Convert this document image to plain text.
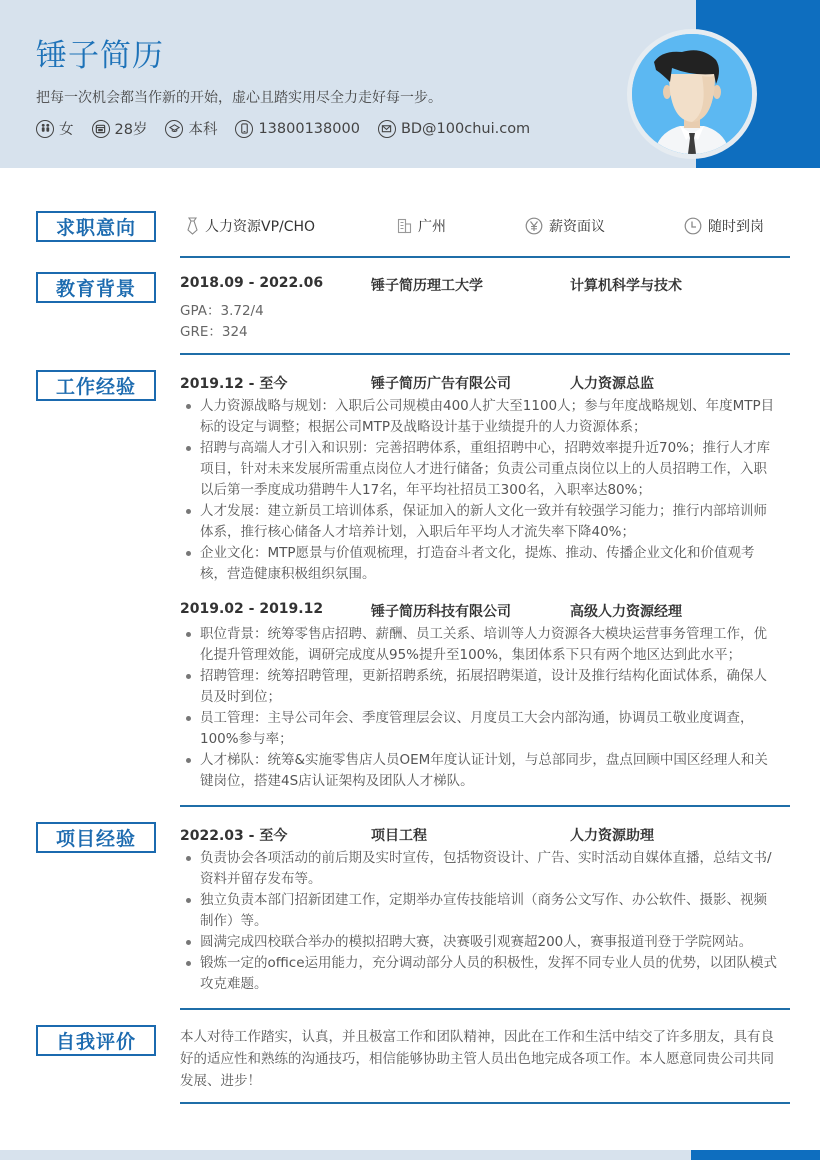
锤子简历
把每一次机会都当作新的开始，虚心且踏实用尽全力走好每一步。
女	28岁	本科	13800138000	BD@100chui.com
求职意向	人力资源VP/CHO	广州	薪资面议	随时到岗
教育背景	2018.09 - 2022.06	锤子简历理工大学	计算机科学与技术
GPA：3.72/4
GRE：324
工作经验	2019.12 - 至今	锤子简历广告有限公司	人力资源总监
人力资源战略与规划：入职后公司规模由400人扩大至1100人；参与年度战略规划、年度MTP目标的设定与调整；根据公司MTP及战略设计基于业绩提升的人力资源体系；
招聘与高端人才引入和识别：完善招聘体系，重组招聘中心，招聘效率提升近70%；推行人才库项目，针对未来发展所需重点岗位人才进行储备；负责公司重点岗位以上的人员招聘工作，入职以后第一季度成功猎聘牛人17名，年平均社招员工300名，入职率达80%；
人才发展：建立新员工培训体系，保证加入的新人文化一致并有较强学习能力；推行内部培训师体系，推行核心储备人才培养计划，入职后年平均人才流失率下降40%；
企业文化：MTP愿景与价值观梳理，打造奋斗者文化，提炼、推动、传播企业文化和价值观考核，营造健康积极组织氛围。
2019.02 - 2019.12	锤子简历科技有限公司	高级人力资源经理
职位背景：统筹零售店招聘、薪酬、员工关系、培训等人力资源各大模块运营事务管理工作，优化提升管理效能，调研完成度从95%提升至100%，集团体系下只有两个地区达到此水平；
招聘管理：统筹招聘管理，更新招聘系统，拓展招聘渠道，设计及推行结构化面试体系，确保人员及时到位；
员工管理：主导公司年会、季度管理层会议、月度员工大会内部沟通，协调员工敬业度调查，100%参与率；
人才梯队：统筹&实施零售店人员OEM年度认证计划，与总部同步，盘点回顾中国区经理人和关键岗位，搭建4S店认证架构及团队人才梯队。
项目经验	2022.03 - 至今	项目工程	人力资源助理
负责协会各项活动的前后期及实时宣传，包括物资设计、广告、实时活动自媒体直播，总结文书/资料并留存发布等。
独立负责本部门招新团建工作，定期举办宣传技能培训（商务公文写作、办公软件、摄影、视频制作）等。
圆满完成四校联合举办的模拟招聘大赛，决赛吸引观赛超200人，赛事报道刊登于学院网站。
锻炼一定的office运用能力，充分调动部分人员的积极性，发挥不同专业人员的优势，以团队模式攻克难题。
自我评价	本人对待工作踏实，认真，并且极富工作和团队精神，因此在工作和生活中结交了许多朋友，具有良好的适应性和熟练的沟通技巧，相信能够协助主管人员出色地完成各项工作。本人愿意同贵公司共同发展、进步！
